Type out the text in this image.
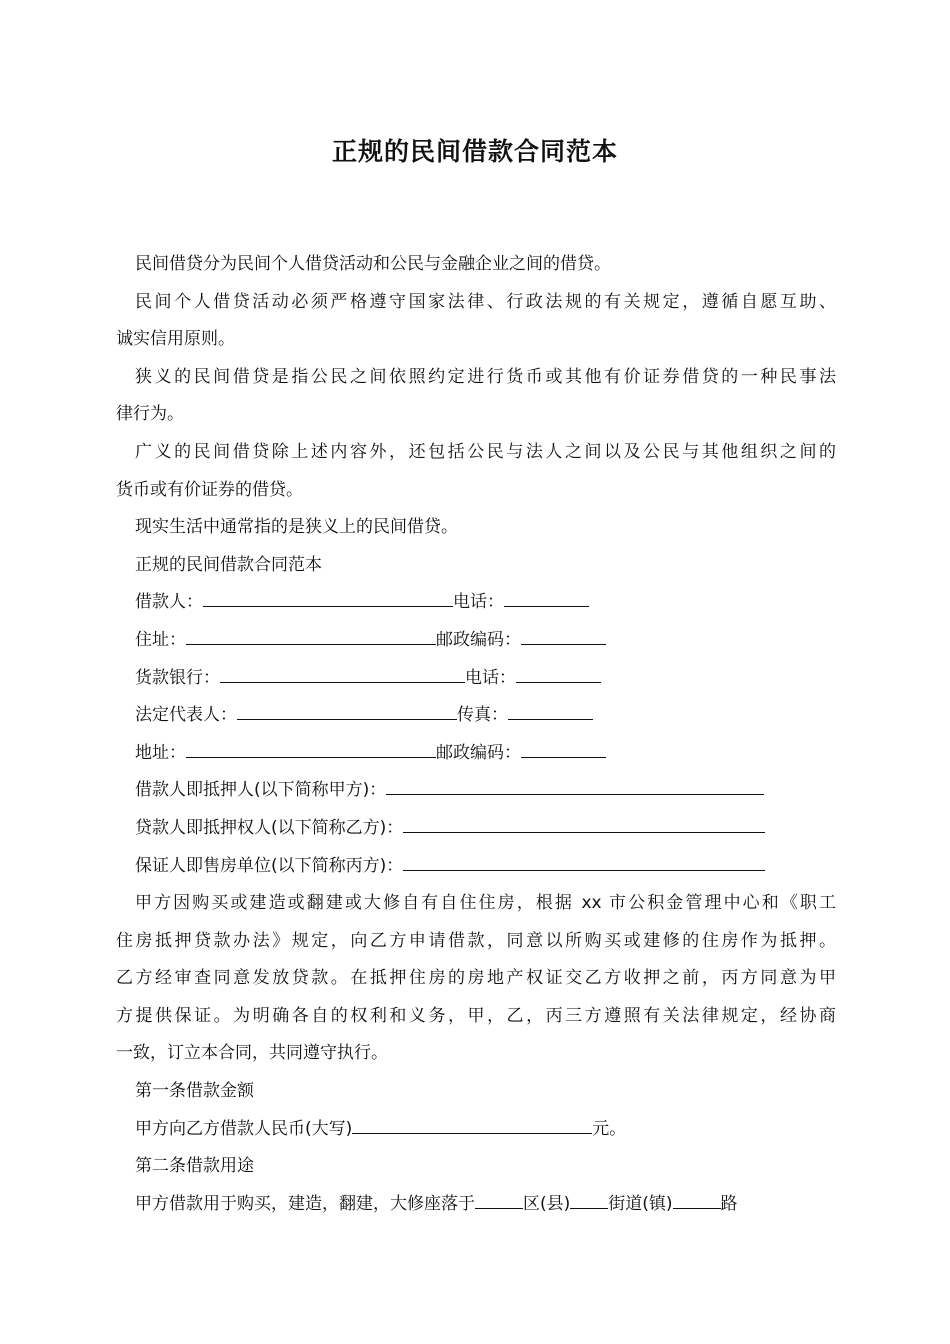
正规的民间借款合同范本

民间借贷分为民间个人借贷活动和公民与金融企业之间的借贷。

民间个人借贷活动必须严格遵守国家法律、行政法规的有关规定，遵循自愿互助、

诚实信用原则。

狭义的民间借贷是指公民之间依照约定进行货币或其他有价证券借贷的一种民事法

律行为。

广义的民间借贷除上述内容外，还包括公民与法人之间以及公民与其他组织之间的

货币或有价证券的借贷。

现实生活中通常指的是狭义上的民间借贷。

正规的民间借款合同范本

借款人：	电话：

住址：	邮政编码：

货款银行：	电话：

法定代表人：	传真：

地址：	邮政编码：

借款人即抵押人(以下简称甲方)：

贷款人即抵押权人(以下简称乙方)：

保证人即售房单位(以下简称丙方)：

甲方因购买或建造或翻建或大修自有自住住房，根据 xx 市公积金管理中心和《职工

住房抵押贷款办法》规定，向乙方申请借款，同意以所购买或建修的住房作为抵押。

乙方经审查同意发放贷款。在抵押住房的房地产权证交乙方收押之前，丙方同意为甲

方提供保证。为明确各自的权利和义务，甲，乙，丙三方遵照有关法律规定，经协商

一致，订立本合同，共同遵守执行。

第一条借款金额

甲方向乙方借款人民币(大写)	元。

第二条借款用途

甲方借款用于购买，建造，翻建，大修座落于	区(县) 街道(镇)	路
